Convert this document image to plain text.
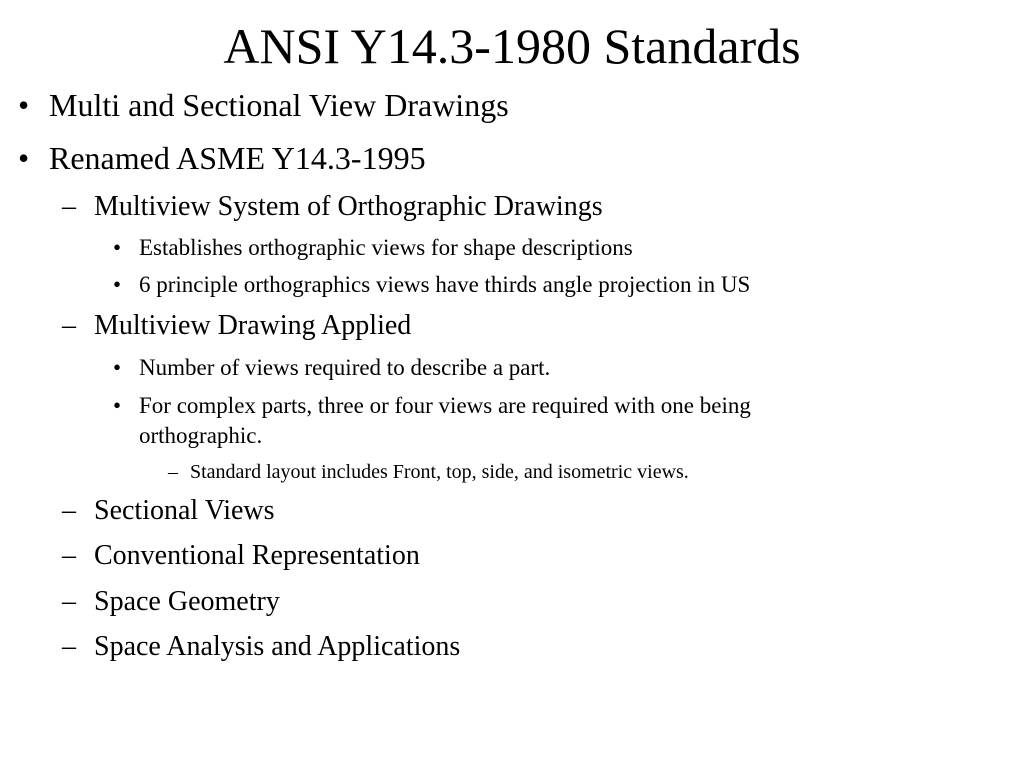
ANSI Y14.3-1980 Standards
• Multi and Sectional View Drawings
• Renamed ASME Y14.3-1995
– Multiview System of Orthographic Drawings
• Establishes orthographic views for shape descriptions
• 6 principle orthographics views have thirds angle projection in US
– Multiview Drawing Applied
• Number of views required to describe a part.
• For complex parts, three or four views are required with one being
orthographic.
– Standard layout includes Front, top, side, and isometric views.
– Sectional Views
– Conventional Representation
– Space Geometry
– Space Analysis and Applications
